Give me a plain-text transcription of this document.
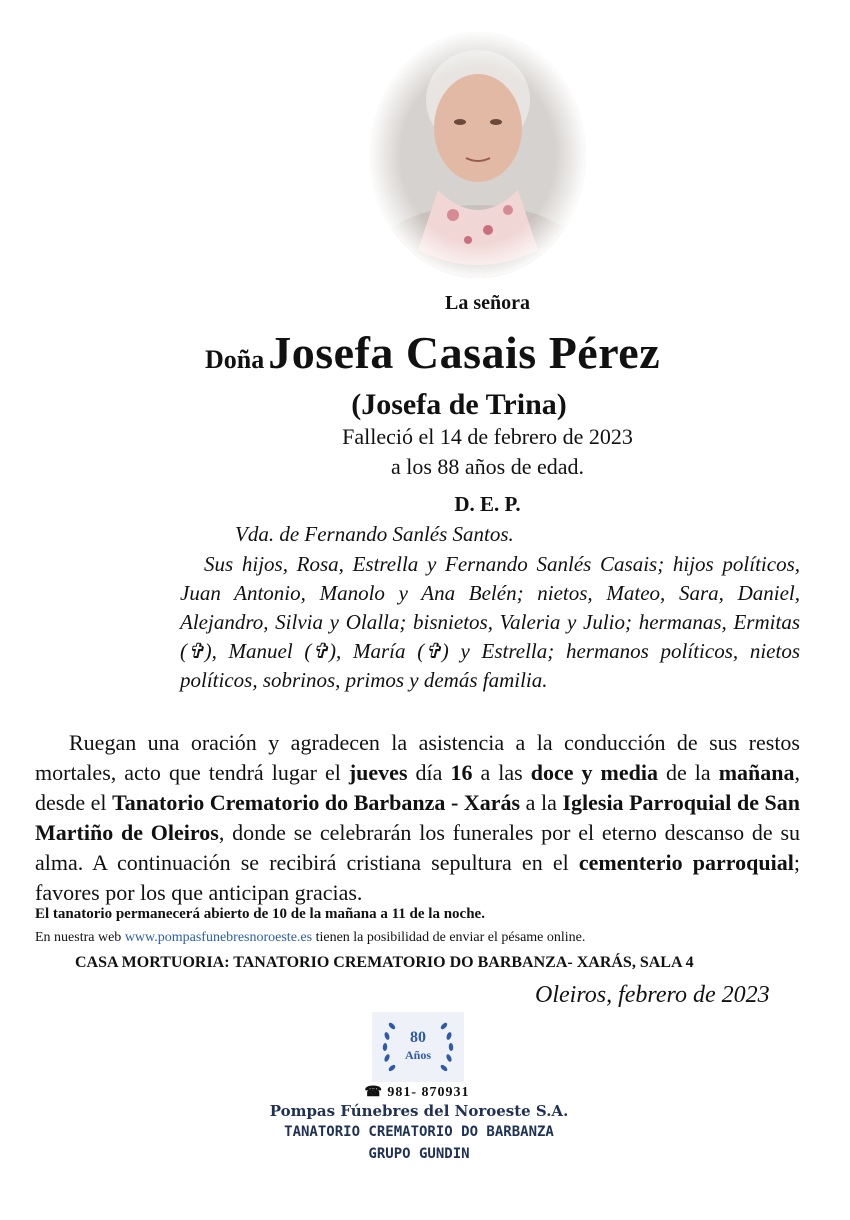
La señora
Doña Josefa Casais Pérez
(Josefa de Trina)
Falleció el 14 de febrero de 2023
a los 88 años de edad.
D. E. P.
Vda. de Fernando Sanlés Santos.

Sus hijos, Rosa, Estrella y Fernando Sanlés Casais; hijos políticos, Juan Antonio, Manolo y Ana Belén; nietos, Mateo, Sara, Daniel, Alejandro, Silvia y Olalla; bisnietos, Valeria y Julio; hermanas, Ermitas (✞), Manuel (✞), María (✞) y Estrella; hermanos políticos, nietos políticos, sobrinos, primos y demás familia.

Ruegan una oración y agradecen la asistencia a la conducción de sus restos mortales, acto que tendrá lugar el jueves día 16 a las doce y media de la mañana, desde el Tanatorio Crematorio do Barbanza - Xarás a la Iglesia Parroquial de San Martiño de Oleiros, donde se celebrarán los funerales por el eterno descanso de su alma. A continuación se recibirá cristiana sepultura en el cementerio parroquial; favores por los que anticipan gracias.

El tanatorio permanecerá abierto de 10 de la mañana a 11 de la noche.
En nuestra web www.pompasfunebresnoroeste.es tienen la posibilidad de enviar el pésame online.
CASA MORTUORIA: TANATORIO CREMATORIO DO BARBANZA- XARÁS, SALA 4
Oleiros, febrero de 2023
80
Años
☎ 981- 870931
Pompas Fúnebres del Noroeste S.A.
TANATORIO CREMATORIO DO BARBANZA
GRUPO GUNDIN
